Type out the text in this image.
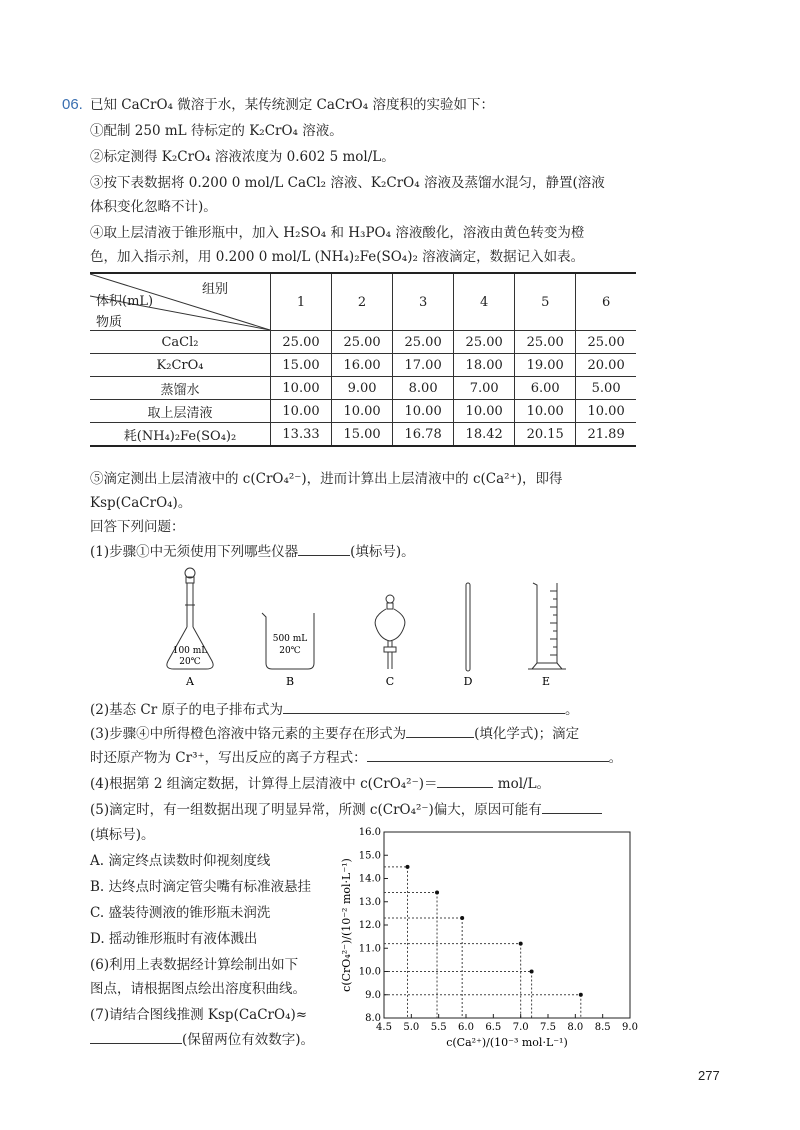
06. 已知 CaCrO₄ 微溶于水，某传统测定 CaCrO₄ 溶度积的实验如下：
①配制 250 mL 待标定的 K₂CrO₄ 溶液。
②标定测得 K₂CrO₄ 溶液浓度为 0.602 5 mol/L。
③按下表数据将 0.200 0 mol/L CaCl₂ 溶液、K₂CrO₄ 溶液及蒸馏水混匀，静置(溶液
体积变化忽略不计)。
④取上层清液于锥形瓶中，加入 H₂SO₄ 和 H₃PO₄ 溶液酸化，溶液由黄色转变为橙
色，加入指示剂，用 0.200 0 mol/L (NH₄)₂Fe(SO₄)₂ 溶液滴定，数据记入如表。
组别
体积(mL)
物质	1	2	3	4	5	6
CaCl₂	25.00	25.00	25.00	25.00	25.00	25.00
K₂CrO₄	15.00	16.00	17.00	18.00	19.00	20.00
蒸馏水	10.00	9.00	8.00	7.00	6.00	5.00
取上层清液	10.00	10.00	10.00	10.00	10.00	10.00
耗(NH₄)₂Fe(SO₄)₂	13.33	15.00	16.78	18.42	20.15	21.89
⑤滴定测出上层清液中的 c(CrO₄²⁻)，进而计算出上层清液中的 c(Ca²⁺)，即得
Ksp(CaCrO₄)。
回答下列问题：
(1)步骤①中无须使用下列哪些仪器	(填标号)。
100 mL
20℃
A
500 mL
20℃
B	C	D	E
(2)基态 Cr 原子的电子排布式为	。
(3)步骤④中所得橙色溶液中铬元素的主要存在形式为	(填化学式)；滴定
时还原产物为 Cr³⁺，写出反应的离子方程式：	。
(4)根据第 2 组滴定数据，计算得上层清液中 c(CrO₄²⁻)＝	mol/L。
(5)滴定时，有一组数据出现了明显异常，所测 c(CrO₄²⁻)偏大，原因可能有
(填标号)。
A. 滴定终点读数时仰视刻度线
B. 达终点时滴定管尖嘴有标准液悬挂
C. 盛装待测液的锥形瓶未润洗
D. 摇动锥形瓶时有液体溅出
(6)利用上表数据经计算绘制出如下
图点，请根据图点绘出溶度积曲线。
(7)请结合图线推测 Ksp(CaCrO₄)≈
(保留两位有效数字)。
4.5 5.0 5.5 6.0 6.5 7.0 7.5 8.0 8.5 9.0
8.0
9.0
10.0
11.0
12.0
13.0
14.0
15.0
16.0
c(Ca²⁺)/(10⁻³ mol·L⁻¹)
c(CrO₄²⁻)/(10⁻² mol·L⁻¹)
277
